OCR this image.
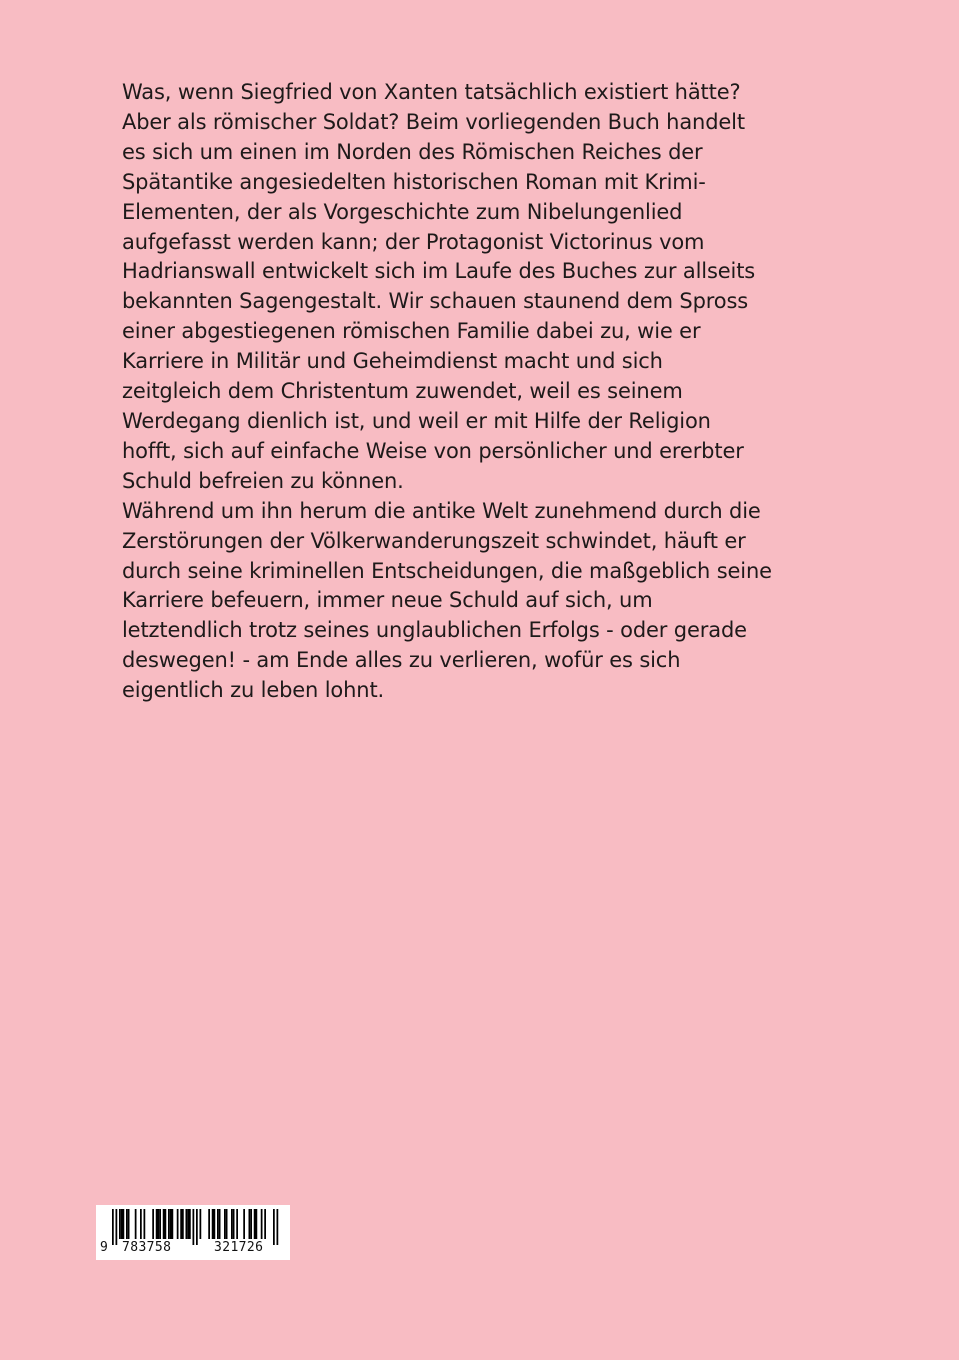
Was, wenn Siegfried von Xanten tatsächlich existiert hätte?
Aber als römischer Soldat? Beim vorliegenden Buch handelt
es sich um einen im Norden des Römischen Reiches der
Spätantike angesiedelten historischen Roman mit Krimi-
Elementen, der als Vorgeschichte zum Nibelungenlied
aufgefasst werden kann; der Protagonist Victorinus vom
Hadrianswall entwickelt sich im Laufe des Buches zur allseits
bekannten Sagengestalt. Wir schauen staunend dem Spross
einer abgestiegenen römischen Familie dabei zu, wie er
Karriere in Militär und Geheimdienst macht und sich
zeitgleich dem Christentum zuwendet, weil es seinem
Werdegang dienlich ist, und weil er mit Hilfe der Religion
hofft, sich auf einfache Weise von persönlicher und ererbter
Schuld befreien zu können.
Während um ihn herum die antike Welt zunehmend durch die
Zerstörungen der Völkerwanderungszeit schwindet, häuft er
durch seine kriminellen Entscheidungen, die maßgeblich seine
Karriere befeuern, immer neue Schuld auf sich, um
letztendlich trotz seines unglaublichen Erfolgs - oder gerade
deswegen! - am Ende alles zu verlieren, wofür es sich
eigentlich zu leben lohnt.
9 783758	321726
